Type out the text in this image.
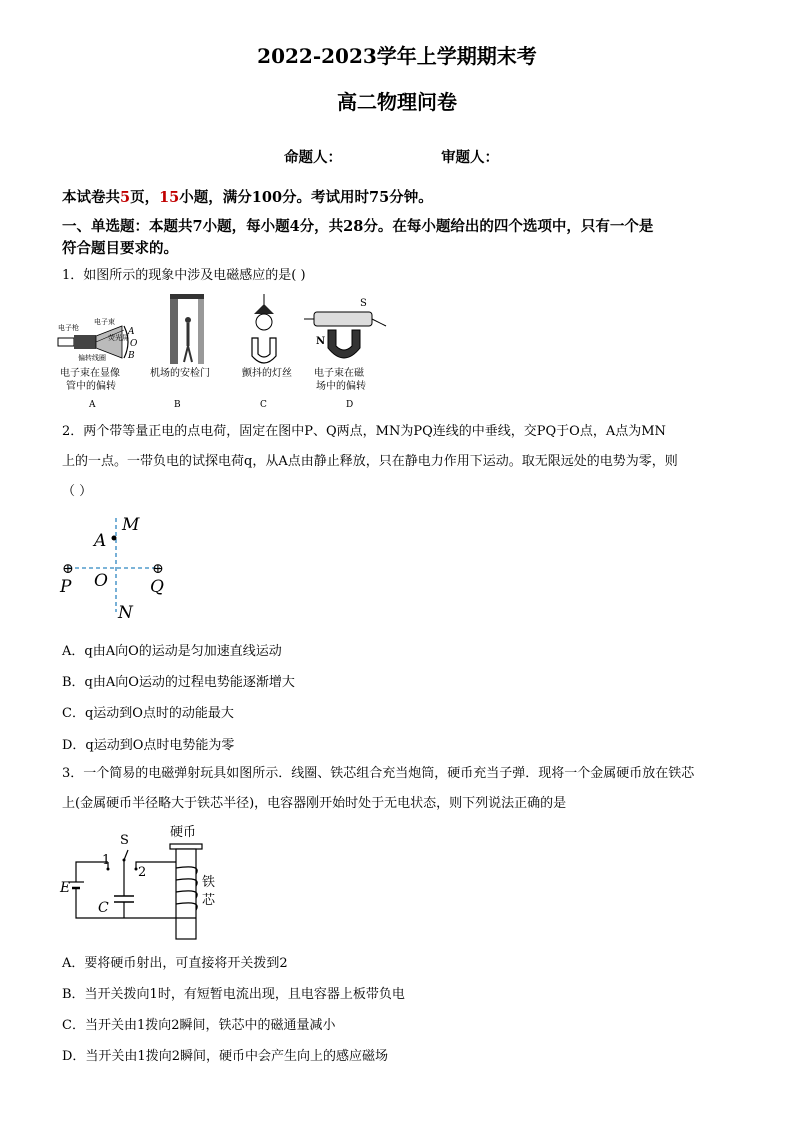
2022-2023学年上学期期末考
高二物理问卷
命题人：	审题人：
本试卷共5页，15小题，满分100分。考试用时75分钟。
一、单选题：本题共7小题，每小题4分，共28分。在每小题给出的四个选项中，只有一个是
符合题目要求的。
1．如图所示的现象中涉及电磁感应的是( )
电子枪
电子束
荧光屏
偏转线圈
A
O
B
电子束在显像
管中的偏转
A
机场的安检门
B
颤抖的灯丝
C
N
S
电子束在磁
场中的偏转
D
2．两个带等量正电的点电荷，固定在图中P、Q两点，MN为PQ连线的中垂线，交PQ于O点，A点为MN
上的一点。一带负电的试探电荷q，从A点由静止释放，只在静电力作用下运动。取无限远处的电势为零，则
（ ）
M
A
⊕	⊕
P O Q
N
A．q由A向O的运动是匀加速直线运动
B．q由A向O运动的过程电势能逐渐增大
C．q运动到O点时的动能最大
D．q运动到O点时电势能为零
3．一个简易的电磁弹射玩具如图所示．线圈、铁芯组合充当炮筒，硬币充当子弹．现将一个金属硬币放在铁芯
上(金属硬币半径略大于铁芯半径)，电容器刚开始时处于无电状态，则下列说法正确的是
硬币
铁
芯
E
1
S
2
C
A．要将硬币射出，可直接将开关拨到2
B．当开关拨向1时，有短暂电流出现，且电容器上板带负电
C．当开关由1拨向2瞬间，铁芯中的磁通量减小
D．当开关由1拨向2瞬间，硬币中会产生向上的感应磁场
